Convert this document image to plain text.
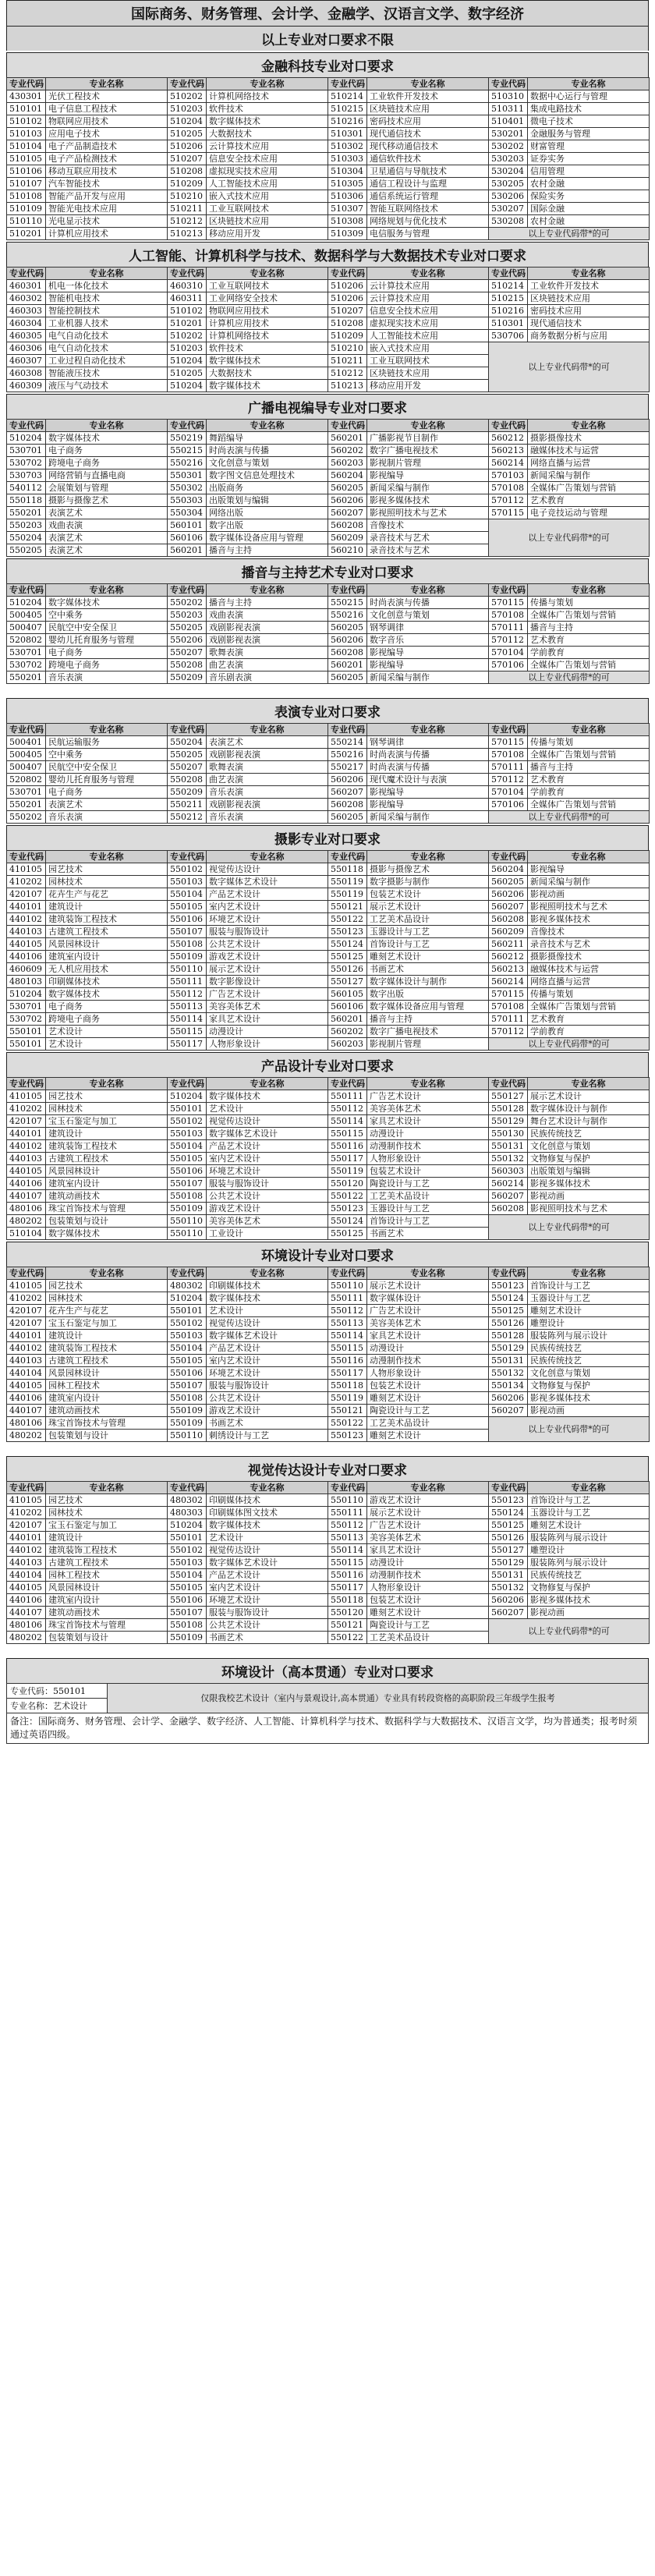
国际商务、财务管理、会计学、金融学、汉语言文学、数字经济
以上专业对口要求不限
金融科技专业对口要求
专业代码	专业名称	专业代码	专业名称	专业代码	专业名称	专业代码	专业名称
430301	光伏工程技术	510202	计算机网络技术	510214	工业软件开发技术	510310	数据中心运行与管理
510101	电子信息工程技术	510203	软件技术	510215	区块链技术应用	510311	集成电路技术
510102	物联网应用技术	510204	数字媒体技术	510216	密码技术应用	510401	微电子技术
510103	应用电子技术	510205	大数据技术	510301	现代通信技术	530201	金融服务与管理
510104	电子产品制造技术	510206	云计算技术应用	510302	现代移动通信技术	530202	财富管理
510105	电子产品检测技术	510207	信息安全技术应用	510303	通信软件技术	530203	证券实务
510106	移动互联应用技术	510208	虚拟现实技术应用	510304	卫星通信与导航技术	530204	信用管理
510107	汽车智能技术	510209	人工智能技术应用	510305	通信工程设计与监理	530205	农村金融
510108	智能产品开发与应用	510210	嵌入式技术应用	510306	通信系统运行管理	530206	保险实务
510109	智能光电技术应用	510211	工业互联网技术	510307	智能互联网络技术	530207	国际金融
510110	光电显示技术	510212	区块链技术应用	510308	网络规划与优化技术	530208	农村金融
510201	计算机应用技术	510213	移动应用开发	510309	电信服务与管理	以上专业代码带*的可	
人工智能、计算机科学与技术、数据科学与大数据技术专业对口要求
专业代码	专业名称	专业代码	专业名称	专业代码	专业名称	专业代码	专业名称
460301	机电一体化技术	460310	工业互联网技术	510206	云计算技术应用	510214	工业软件开发技术
460302	智能机电技术	460311	工业网络安全技术	510206	云计算技术应用	510215	区块链技术应用
460303	智能控制技术	510102	物联网应用技术	510207	信息安全技术应用	510216	密码技术应用
460304	工业机器人技术	510201	计算机应用技术	510208	虚拟现实技术应用	510301	现代通信技术
460305	电气自动化技术	510202	计算机网络技术	510209	人工智能技术应用	530706	商务数据分析与应用
460306	电气自动化技术	510203	软件技术	510210	嵌入式技术应用	以上专业代码带*的可	
460307	工业过程自动化技术	510204	数字媒体技术	510211	工业互联网技术		
460308	智能液压技术	510205	大数据技术	510212	区块链技术应用		
460309	液压与气动技术	510204	数字媒体技术	510213	移动应用开发		
广播电视编导专业对口要求
专业代码	专业名称	专业代码	专业名称	专业代码	专业名称	专业代码	专业名称
510204	数字媒体技术	550219	舞蹈编导	560201	广播影视节目制作	560212	摄影摄像技术
530701	电子商务	550215	时尚表演与传播	560202	数字广播电视技术	560213	融媒体技术与运营
530702	跨境电子商务	550216	文化创意与策划	560203	影视制片管理	560214	网络直播与运营
530703	网络营销与直播电商	550301	数字图文信息处理技术	560204	影视编导	570103	新闻采编与制作
540112	会展策划与管理	550302	出版商务	560205	新闻采编与制作	570108	全媒体广告策划与营销
550118	摄影与摄像艺术	550303	出版策划与编辑	560206	影视多媒体技术	570112	艺术教育
550201	表演艺术	550304	网络出版	560207	影视照明技术与艺术	570115	电子竞技运动与管理
550203	戏曲表演	560101	数字出版	560208	音像技术	以上专业代码带*的可	
550204	表演艺术	560106	数字媒体设备应用与管理	560209	录音技术与艺术		
550205	表演艺术	560201	播音与主持	560210	录音技术与艺术		
播音与主持艺术专业对口要求
专业代码	专业名称	专业代码	专业名称	专业代码	专业名称	专业代码	专业名称
510204	数字媒体技术	550202	播音与主持	550215	时尚表演与传播	570115	传播与策划
500405	空中乘务	550203	戏曲表演	550216	文化创意与策划	570108	全媒体广告策划与营销
500407	民航空中安全保卫	550205	戏剧影视表演	560205	钢琴调律	570111	播音与主持
520802	婴幼儿托育服务与管理	550206	戏剧影视表演	560206	数字音乐	570112	艺术教育
530701	电子商务	550207	歌舞表演	560208	影视编导	570104	学前教育
530702	跨境电子商务	550208	曲艺表演	560201	影视编导	570106	全媒体广告策划与营销
550201	音乐表演	550209	音乐剧表演	560205	新闻采编与制作	以上专业代码带*的可	
表演专业对口要求
专业代码	专业名称	专业代码	专业名称	专业代码	专业名称	专业代码	专业名称
500401	民航运输服务	550204	表演艺术	550214	钢琴调律	570115	传播与策划
500405	空中乘务	550205	戏剧影视表演	550216	时尚表演与传播	570108	全媒体广告策划与营销
500407	民航空中安全保卫	550207	歌舞表演	550217	时尚表演与传播	570111	播音与主持
520802	婴幼儿托育服务与管理	550208	曲艺表演	560206	现代魔术设计与表演	570112	艺术教育
530701	电子商务	550209	音乐表演	560207	影视编导	570104	学前教育
550201	表演艺术	550211	戏剧影视表演	560208	影视编导	570106	全媒体广告策划与营销
550202	音乐表演	550212	音乐表演	560205	新闻采编与制作	以上专业代码带*的可	
摄影专业对口要求
专业代码	专业名称	专业代码	专业名称	专业代码	专业名称	专业代码	专业名称
410105	园艺技术	550102	视觉传达设计	550118	摄影与摄像艺术	560204	影视编导
410202	园林技术	550103	数字媒体艺术设计	550119	数字摄影与制作	560205	新闻采编与制作
420107	花卉生产与花艺	550104	产品艺术设计	550119	包装艺术设计	560206	影视动画
440101	建筑设计	550105	室内艺术设计	550121	展示艺术设计	560207	影视照明技术与艺术
440102	建筑装饰工程技术	550106	环境艺术设计	550122	工艺美术品设计	560208	影视多媒体技术
440103	古建筑工程技术	550107	服装与服饰设计	550123	玉器设计与工艺	560209	音像技术
440105	风景园林设计	550108	公共艺术设计	550124	首饰设计与工艺	560211	录音技术与艺术
440106	建筑室内设计	550109	游戏艺术设计	550125	雕刻艺术设计	560212	摄影摄像技术
460609	无人机应用技术	550110	展示艺术设计	550126	书画艺术	560213	融媒体技术与运营
480103	印刷媒体技术	550111	数字影像设计	550127	数字媒体设计与制作	560214	网络直播与运营
510204	数字媒体技术	550112	广告艺术设计	560105	数字出版	570115	传播与策划
530701	电子商务	550113	美容美体艺术	560106	数字媒体设备应用与管理	570108	全媒体广告策划与营销
530702	跨境电子商务	550114	家具艺术设计	560201	播音与主持	570111	艺术教育
550101	艺术设计	550115	动漫设计	560202	数字广播电视技术	570112	学前教育
550101	艺术设计	550117	人物形象设计	560203	影视制片管理	以上专业代码带*的可	
产品设计专业对口要求
专业代码	专业名称	专业代码	专业名称	专业代码	专业名称	专业代码	专业名称
410105	园艺技术	510204	数字媒体技术	550111	广告艺术设计	550127	展示艺术设计
410202	园林技术	550101	艺术设计	550112	美容美体艺术	550128	数字媒体设计与制作
420107	宝玉石鉴定与加工	550102	视觉传达设计	550114	家具艺术设计	550129	舞台艺术设计与制作
440101	建筑设计	550103	数字媒体艺术设计	550115	动漫设计	550130	民族传统技艺
440102	建筑装饰工程技术	550104	产品艺术设计	550116	动漫制作技术	550131	文化创意与策划
440103	古建筑工程技术	550105	室内艺术设计	550117	人物形象设计	550132	文物修复与保护
440105	风景园林设计	550106	环境艺术设计	550119	包装艺术设计	560303	出版策划与编辑
440106	建筑室内设计	550107	服装与服饰设计	550120	陶瓷设计与工艺	560214	影视多媒体技术
440107	建筑动画技术	550108	公共艺术设计	550122	工艺美术品设计	560207	影视动画
480106	珠宝首饰技术与管理	550109	游戏艺术设计	550123	玉器设计与工艺	560208	影视照明技术与艺术
480202	包装策划与设计	550110	美容美体艺术	550124	首饰设计与工艺	以上专业代码带*的可	
510104	数字媒体技术	550110	工业设计	550125	书画艺术		
环境设计专业对口要求
专业代码	专业名称	专业代码	专业名称	专业代码	专业名称	专业代码	专业名称
410105	园艺技术	480302	印刷媒体技术	550110	展示艺术设计	550123	首饰设计与工艺
410202	园林技术	510204	数字媒体技术	550111	数字媒体设计	550124	玉器设计与工艺
420107	花卉生产与花艺	550101	艺术设计	550112	广告艺术设计	550125	雕刻艺术设计
420107	宝玉石鉴定与加工	550102	视觉传达设计	550113	美容美体艺术	550126	雕塑设计
440101	建筑设计	550103	数字媒体艺术设计	550114	家具艺术设计	550128	服装陈列与展示设计
440102	建筑装饰工程技术	550104	产品艺术设计	550115	动漫设计	550129	民族传统技艺
440103	古建筑工程技术	550105	室内艺术设计	550116	动漫制作技术	550131	民族传统技艺
440104	风景园林设计	550106	环境艺术设计	550117	人物形象设计	550132	文化创意与策划
440105	园林工程技术	550107	服装与服饰设计	550118	包装艺术设计	550134	文物修复与保护
440106	建筑室内设计	550108	公共艺术设计	550119	雕刻艺术设计	560206	影视多媒体技术
440107	建筑动画技术	550109	游戏艺术设计	550121	陶瓷设计与工艺	560207	影视动画
480106	珠宝首饰技术与管理	550109	书画艺术	550122	工艺美术品设计	以上专业代码带*的可	
480202	包装策划与设计	550110	刺绣设计与工艺	550123	雕刻艺术设计		
视觉传达设计专业对口要求
专业代码	专业名称	专业代码	专业名称	专业代码	专业名称	专业代码	专业名称
410105	园艺技术	480302	印刷媒体技术	550110	游戏艺术设计	550123	首饰设计与工艺
410202	园林技术	480303	印刷媒体图文技术	550111	展示艺术设计	550124	玉器设计与工艺
420107	宝玉石鉴定与加工	510204	数字媒体技术	550112	广告艺术设计	550125	雕刻艺术设计
440101	建筑设计	550101	艺术设计	550113	美容美体艺术	550126	服装陈列与展示设计
440102	建筑装饰工程技术	550102	视觉传达设计	550114	家具艺术设计	550127	雕塑设计
440103	古建筑工程技术	550103	数字媒体艺术设计	550115	动漫设计	550129	服装陈列与展示设计
440104	园林工程技术	550104	产品艺术设计	550116	动漫制作技术	550131	民族传统技艺
440105	风景园林设计	550105	室内艺术设计	550117	人物形象设计	550132	文物修复与保护
440106	建筑室内设计	550106	环境艺术设计	550118	包装艺术设计	560206	影视多媒体技术
440107	建筑动画技术	550107	服装与服饰设计	550120	雕刻艺术设计	560207	影视动画
480106	珠宝首饰技术与管理	550108	公共艺术设计	550121	陶瓷设计与工艺	以上专业代码带*的可	
480202	包装策划与设计	550109	书画艺术	550122	工艺美术品设计		
环境设计（高本贯通）专业对口要求
专业代码：550101	仅限我校艺术设计（室内与景观设计,高本贯通）专业具有转段资格的高职阶段三年级学生报考
专业名称：艺术设计
备注：国际商务、财务管理、会计学、金融学、数字经济、人工智能、计算机科学与技术、数据科学与大数据技术、汉语言文学，均为普通类；报考时须通过英语四级。
